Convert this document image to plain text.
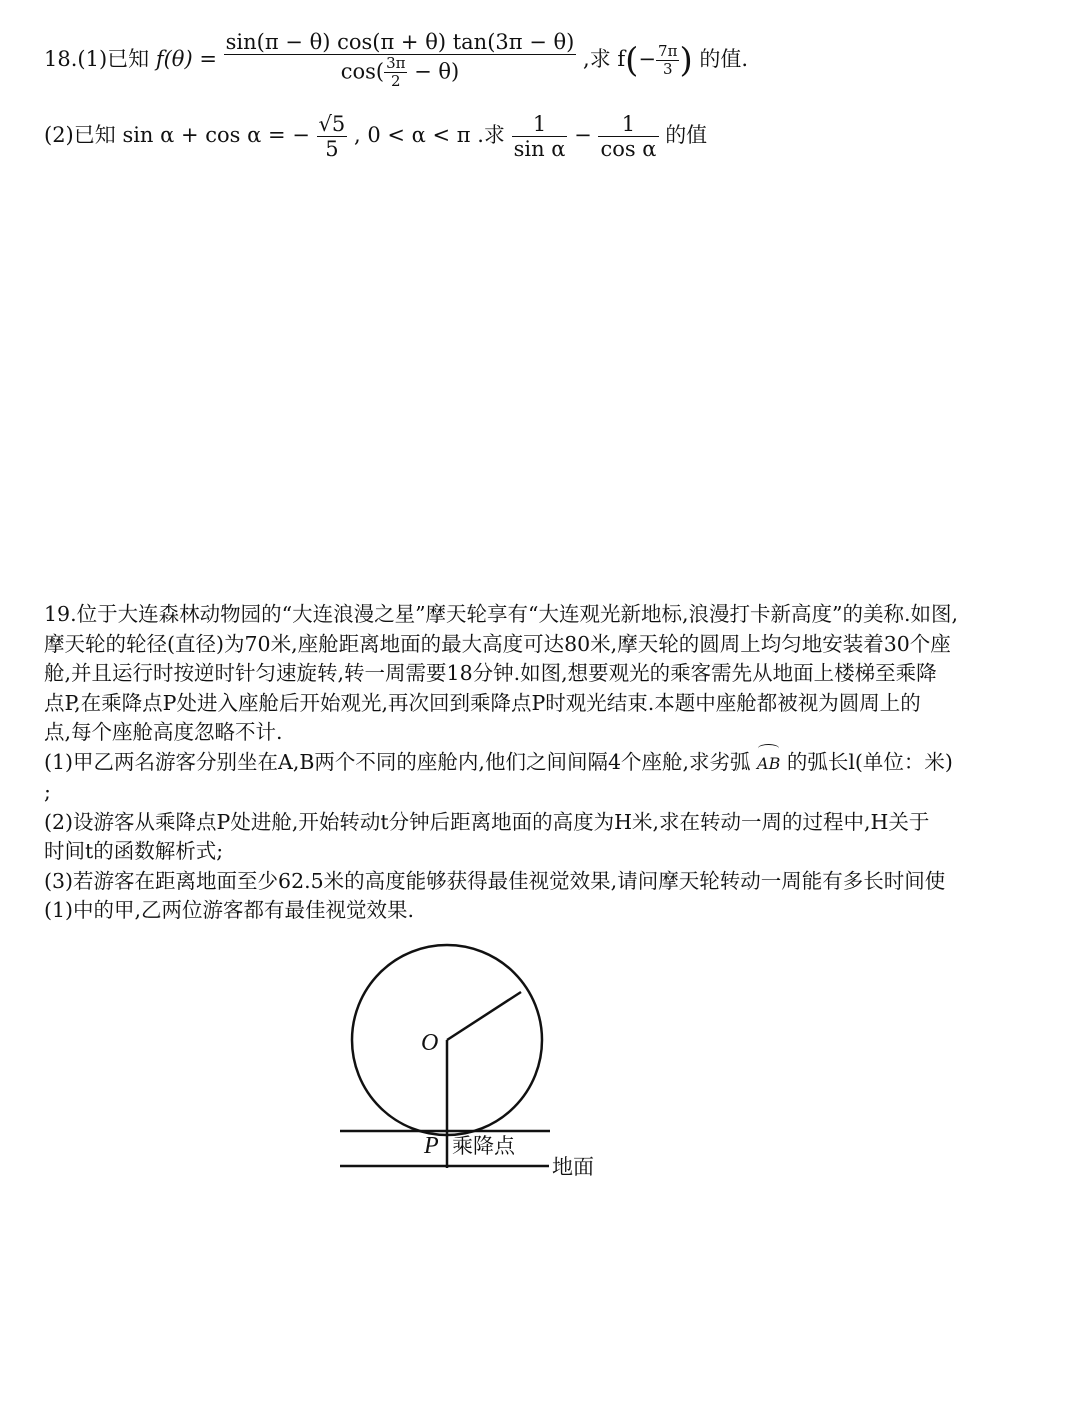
18.(1)已知 $f(\theta) = \frac{\sin(\pi - \theta) \cos(\pi + \theta) \tan(3\pi - \theta)}{\cos( \frac{3\pi}{2} - \theta)}$ ,求 $f(- \frac{7\pi}{3}$ ) 的值.
(2)已知 sin α + cos α = − $\frac{√5}{5}$ , 0 < α < π .求 $\frac{1}{\text{sin α}} - \frac{1}{\text{cos α}}$ 的值
19.位于大连森林动物园的“大连浪漫之星”摩天轮享有“大连观光新地标,浪漫打卡新高度”的美称.如图,
摩天轮的轮径(直径)为70米,座舱距离地面的最大高度可达80米,摩天轮的圆周上均匀地安装着30个座
舱,并且运行时按逆时针匀速旋转,转一周需要18分钟.如图,想要观光的乘客需先从地面上楼梯至乘降
点P,在乘降点P处进入座舱后开始观光,再次回到乘降点P时观光结束.本题中座舱都被视为圆周上的
点,每个座舱高度忽略不计.
(1)甲乙两名游客分别坐在A,B两个不同的座舱内,他们之间间隔4个座舱,求劣弧 AB 的弧长l(单位：米)
;
(2)设游客从乘降点P处进舱,开始转动t分钟后距离地面的高度为H米,求在转动一周的过程中,H关于
时间t的函数解析式;
(3)若游客在距离地面至少62.5米的高度能够获得最佳视觉效果,请问摩天轮转动一周能有多长时间使
(1)中的甲,乙两位游客都有最佳视觉效果.
O
P 乘降点
地面
